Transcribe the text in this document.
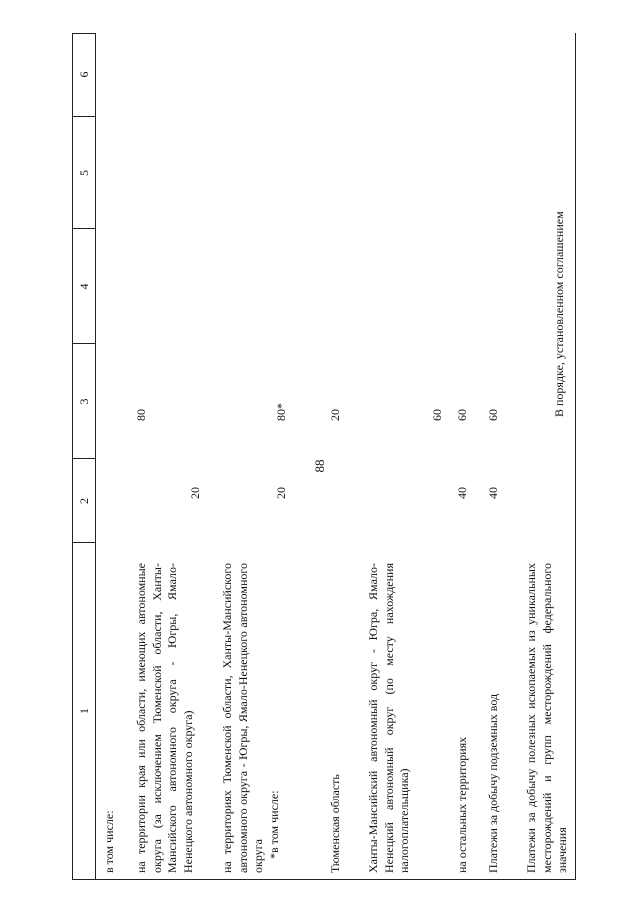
88
1
2
3
4
5
6
в том числе: на территории края или области, имеющих автономные округа (за исключением Тюменской области, Ханты-Мансийского автономного округа - Югры, Ямало-Ненецкого автономного округа)
20
80
на территориях Тюменской области, Ханты-Мансийского автономного округа - Югры, Ямало-Ненецкого автономного округа *в том числе:
20
80*
Тюменская область
20
Ханты-Мансийский автономный округ - Югра, Ямало-Ненецкий автономный округ (по месту нахождения налогоплательщика)
60
на остальных территориях
40
60
Платежи за добычу подземных вод
40
60
Платежи за добычу полезных ископаемых из уникальных месторождений и групп месторождений федерального значения
В порядке, установленном соглашением
